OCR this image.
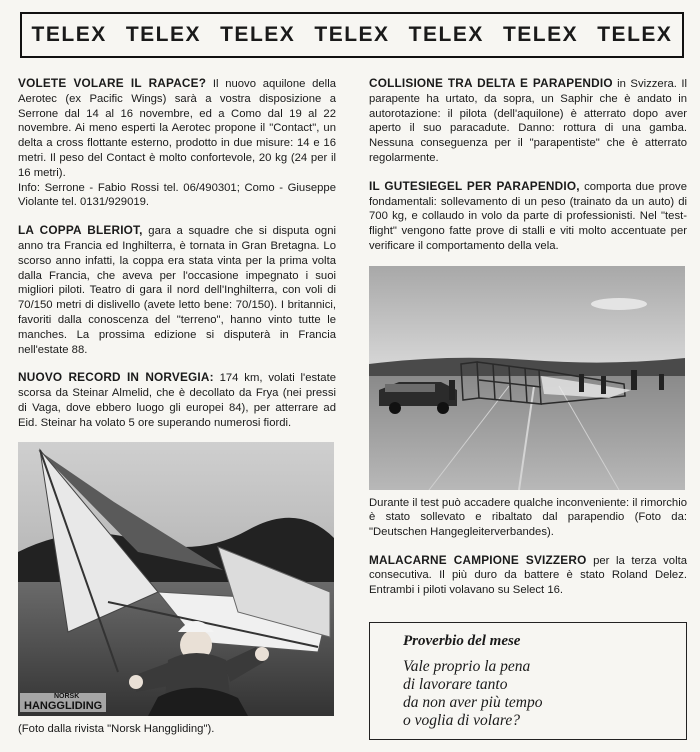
TELEX TELEX TELEX TELEX TELEX TELEX TELEX

VOLETE VOLARE IL RAPACE? Il nuovo aquilone della Aerotec (ex Pacific Wings) sarà a vostra disposizione a Serrone dal 14 al 16 novembre, ed a Como dal 19 al 22 novembre. Ai meno esperti la Aerotec propone il "Contact", un delta a cross flottante esterno, prodotto in due misure: 14 e 16 metri. Il peso del Contact è molto confortevole, 20 kg (24 per il 16 metri).

Info: Serrone - Fabio Rossi tel. 06/490301; Como - Giuseppe Violante tel. 0131/929019.

LA COPPA BLERIOT, gara a squadre che si disputa ogni anno tra Francia ed Inghilterra, è tornata in Gran Bretagna. Lo scorso anno infatti, la coppa era stata vinta per la prima volta dalla Francia, che aveva per l'occasione impegnato i suoi migliori piloti. Teatro di gara il nord dell'Inghilterra, con voli di 70/150 metri di dislivello (avete letto bene: 70/150). I britannici, favoriti dalla conoscenza del "terreno", hanno vinto tutte le manches. La prossima edizione si disputerà in Francia nell'estate 88.

NUOVO RECORD IN NORVEGIA: 174 km, volati l'estate scorsa da Steinar Almelid, che è decollato da Frya (nei pressi di Vaga, dove ebbero luogo gli europei 84), per atterrare ad Eid. Steinar ha volato 5 ore superando numerosi fiordi.

NORSK
HANGGLIDING

(Foto dalla rivista "Norsk Hanggliding").

COLLISIONE TRA DELTA E PARAPENDIO in Svizzera. Il parapente ha urtato, da sopra, un Saphir che è andato in autorotazione: il pilota (dell'aquilone) è atterrato dopo aver aperto il suo paracadute. Danno: rottura di una gamba. Nessuna conseguenza per il "parapentiste" che è atterrato regolarmente.

IL GUTESIEGEL PER PARAPENDIO, comporta due prove fondamentali: sollevamento di un peso (trainato da un auto) di 700 kg, e collaudo in volo da parte di professionisti. Nel "test-flight" vengono fatte prove di stalli e viti molto accentuate per verificare il comportamento della vela.

Durante il test può accadere qualche inconveniente: il rimorchio è stato sollevato e ribaltato dal parapendio (Foto da: "Deutschen Hangegleiterverbandes).

MALACARNE CAMPIONE SVIZZERO per la terza volta consecutiva. Il più duro da battere è stato Roland Delez. Entrambi i piloti volavano su Select 16.

Proverbio del mese
Vale proprio la pena
di lavorare tanto
da non aver più tempo
o voglia di volare?
